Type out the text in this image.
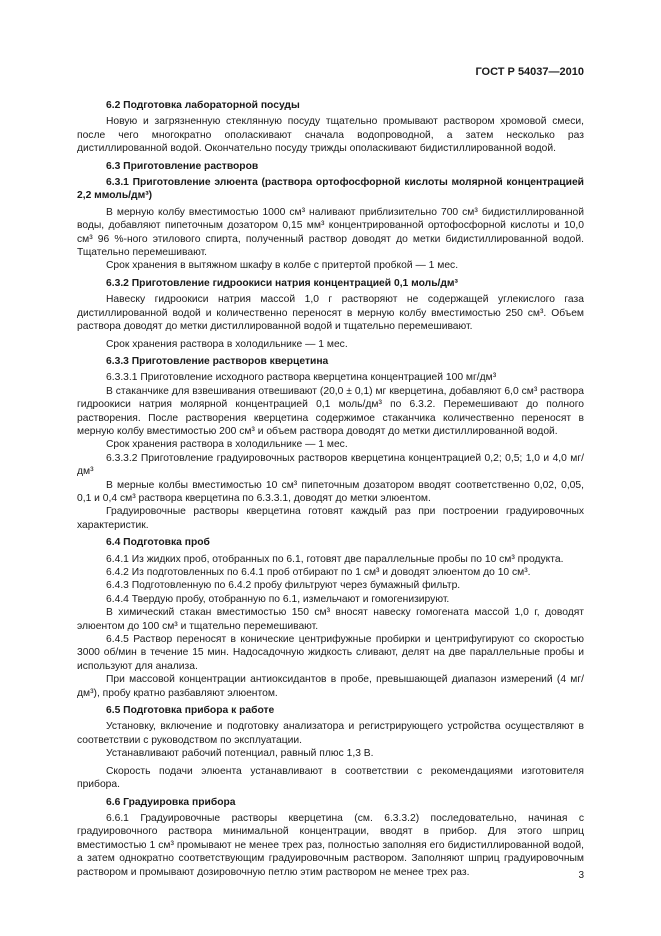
ГОСТ Р 54037—2010

6.2 Подготовка лабораторной посуды

Новую и загрязненную стеклянную посуду тщательно промывают раствором хромовой смеси, после чего многократно ополаскивают сначала водопроводной, а затем несколько раз дистиллированной водой. Окончательно посуду трижды ополаскивают бидистиллированной водой.

6.3 Приготовление растворов

6.3.1 Приготовление элюента (раствора ортофосфорной кислоты молярной концентрацией 2,2 ммоль/дм³)

В мерную колбу вместимостью 1000 см³ наливают приблизительно 700 см³ бидистиллированной воды, добавляют пипеточным дозатором 0,15 мм³ концентрированной ортофосфорной кислоты и 10,0 см³ 96 %-ного этилового спирта, полученный раствор доводят до метки бидистиллированной водой. Тщательно перемешивают.

Срок хранения в вытяжном шкафу в колбе с притертой пробкой — 1 мес.

6.3.2 Приготовление гидроокиси натрия концентрацией 0,1 моль/дм³

Навеску гидроокиси натрия массой 1,0 г растворяют не содержащей углекислого газа дистиллированной водой и количественно переносят в мерную колбу вместимостью 250 см³. Объем раствора доводят до метки дистиллированной водой и тщательно перемешивают.

Срок хранения раствора в холодильнике — 1 мес.

6.3.3 Приготовление растворов кверцетина

6.3.3.1 Приготовление исходного раствора кверцетина концентрацией 100 мг/дм³

В стаканчике для взвешивания отвешивают (20,0 ± 0,1) мг кверцетина, добавляют 6,0 см³ раствора гидроокиси натрия молярной концентрацией 0,1 моль/дм³ по 6.3.2. Перемешивают до полного растворения. После растворения кверцетина содержимое стаканчика количественно переносят в мерную колбу вместимостью 200 см³ и объем раствора доводят до метки дистиллированной водой.

Срок хранения раствора в холодильнике — 1 мес.

6.3.3.2 Приготовление градуировочных растворов кверцетина концентрацией 0,2; 0,5; 1,0 и 4,0 мг/дм³

В мерные колбы вместимостью 10 см³ пипеточным дозатором вводят соответственно 0,02, 0,05, 0,1 и 0,4 см³ раствора кверцетина по 6.3.3.1, доводят до метки элюентом.

Градуировочные растворы кверцетина готовят каждый раз при построении градуировочных характеристик.

6.4 Подготовка проб

6.4.1 Из жидких проб, отобранных по 6.1, готовят две параллельные пробы по 10 см³ продукта.

6.4.2 Из подготовленных по 6.4.1 проб отбирают по 1 см³ и доводят элюентом до 10 см³.

6.4.3 Подготовленную по 6.4.2 пробу фильтруют через бумажный фильтр.

6.4.4 Твердую пробу, отобранную по 6.1, измельчают и гомогенизируют.

В химический стакан вместимостью 150 см³ вносят навеску гомогената массой 1,0 г, доводят элюентом до 100 см³ и тщательно перемешивают.

6.4.5 Раствор переносят в конические центрифужные пробирки и центрифугируют со скоростью 3000 об/мин в течение 15 мин. Надосадочную жидкость сливают, делят на две параллельные пробы и используют для анализа.

При массовой концентрации антиоксидантов в пробе, превышающей диапазон измерений (4 мг/дм³), пробу кратно разбавляют элюентом.

6.5 Подготовка прибора к работе

Установку, включение и подготовку анализатора и регистрирующего устройства осуществляют в соответствии с руководством по эксплуатации.

Устанавливают рабочий потенциал, равный плюс 1,3 В.

Скорость подачи элюента устанавливают в соответствии с рекомендациями изготовителя прибора.

6.6 Градуировка прибора

6.6.1 Градуировочные растворы кверцетина (см. 6.3.3.2) последовательно, начиная с градуировочного раствора минимальной концентрации, вводят в прибор. Для этого шприц вместимостью 1 см³ промывают не менее трех раз, полностью заполняя его бидистиллированной водой, а затем однократно соответствующим градуировочным раствором. Заполняют шприц градуировочным раствором и промывают дозировочную петлю этим раствором не менее трех раз.	3
